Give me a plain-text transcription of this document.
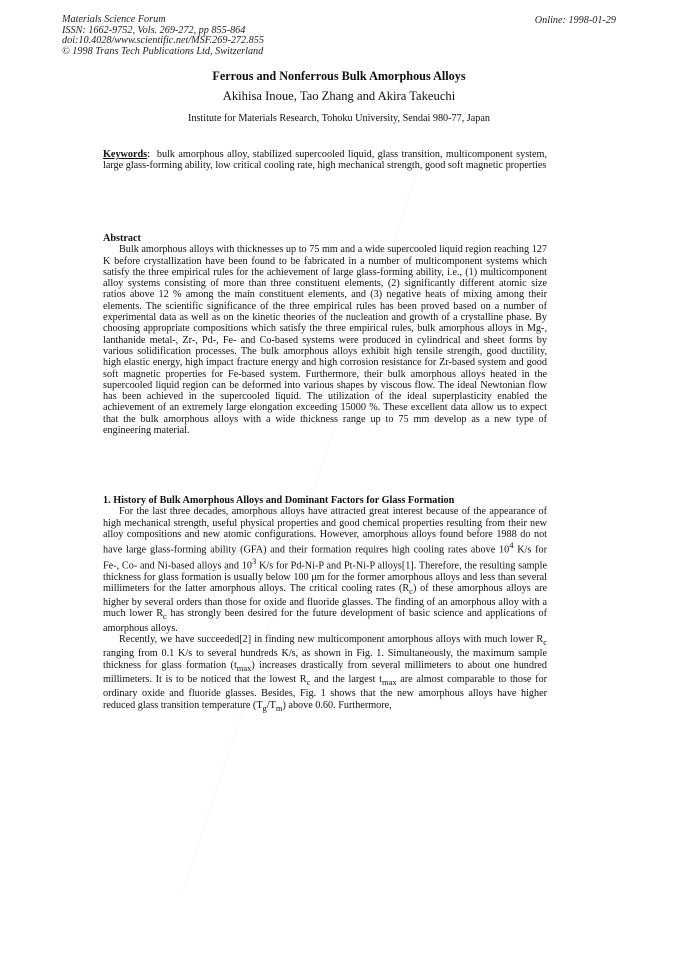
Materials Science Forum
ISSN: 1662-9752, Vols. 269-272, pp 855-864
doi:10.4028/www.scientific.net/MSF.269-272.855
© 1998 Trans Tech Publications Ltd, Switzerland
Online: 1998-01-29
Ferrous and Nonferrous Bulk Amorphous Alloys
Akihisa Inoue, Tao Zhang and Akira Takeuchi
Institute for Materials Research, Tohoku University, Sendai 980-77, Japan
Keywords:  bulk amorphous alloy, stabilized supercooled liquid, glass transition, multicomponent system, large glass-forming ability, low critical cooling rate, high mechanical strength, good soft magnetic properties
Abstract

Bulk amorphous alloys with thicknesses up to 75 mm and a wide supercooled liquid region reaching 127 K before crystallization have been found to be fabricated in a number of multicomponent systems which satisfy the three empirical rules for the achievement of large glass-forming ability, i.e., (1) multicomponent alloy systems consisting of more than three constituent elements, (2) significantly different atomic size ratios above 12 % among the main constituent elements, and (3) negative heats of mixing among their elements. The scientific significance of the three empirical rules has been proved based on a number of experimental data as well as on the kinetic theories of the nucleation and growth of a crystalline phase. By choosing appropriate compositions which satisfy the three empirical rules, bulk amorphous alloys in Mg-, lanthanide metal-, Zr-, Pd-, Fe- and Co-based systems were produced in cylindrical and sheet forms by various solidification processes. The bulk amorphous alloys exhibit high tensile strength, good ductility, high elastic energy, high impact fracture energy and high corrosion resistance for Zr-based system and good soft magnetic properties for Fe-based system. Furthermore, their bulk amorphous alloys heated in the supercooled liquid region can be deformed into various shapes by viscous flow. The ideal Newtonian flow has been achieved in the supercooled liquid. The utilization of the ideal superplasticity enabled the achievement of an extremely large elongation exceeding 15000 %. These excellent data allow us to expect that the bulk amorphous alloys with a wide thickness range up to 75 mm develop as a new type of engineering material.

1. History of Bulk Amorphous Alloys and Dominant Factors for Glass Formation

For the last three decades, amorphous alloys have attracted great interest because of the appearance of high mechanical strength, useful physical properties and good chemical properties resulting from their new alloy compositions and new atomic configurations. However, amorphous alloys found before 1988 do not have large glass-forming ability (GFA) and their formation requires high cooling rates above $10^4$ K/s for Fe-, Co- and Ni-based alloys and $10^3$ K/s for Pd-Ni-P and Pt-Ni-P alloys[1]. Therefore, the resulting sample thickness for glass formation is usually below 100 μm for the former amorphous alloys and less than several millimeters for the latter amorphous alloys. The critical cooling rates $(R_c)$ of these amorphous alloys are higher by several orders than those for oxide and fluoride glasses. The finding of an amorphous alloy with a much lower $R_c$ has strongly been desired for the future development of basic science and applications of amorphous alloys.

Recently, we have succeeded[2] in finding new multicomponent amorphous alloys with much lower $R_c$ ranging from 0.1 K/s to several hundreds K/s, as shown in Fig. 1. Simultaneously, the maximum sample thickness for glass formation $(t_{max})$ increases drastically from several millimeters to about one hundred millimeters. It is to be noticed that the lowest $R_c$ and the largest $t_{max}$ are almost comparable to those for ordinary oxide and fluoride glasses. Besides, Fig. 1 shows that the new amorphous alloys have higher reduced glass transition temperature $(T_g/T_m)$ above 0.60. Furthermore,
